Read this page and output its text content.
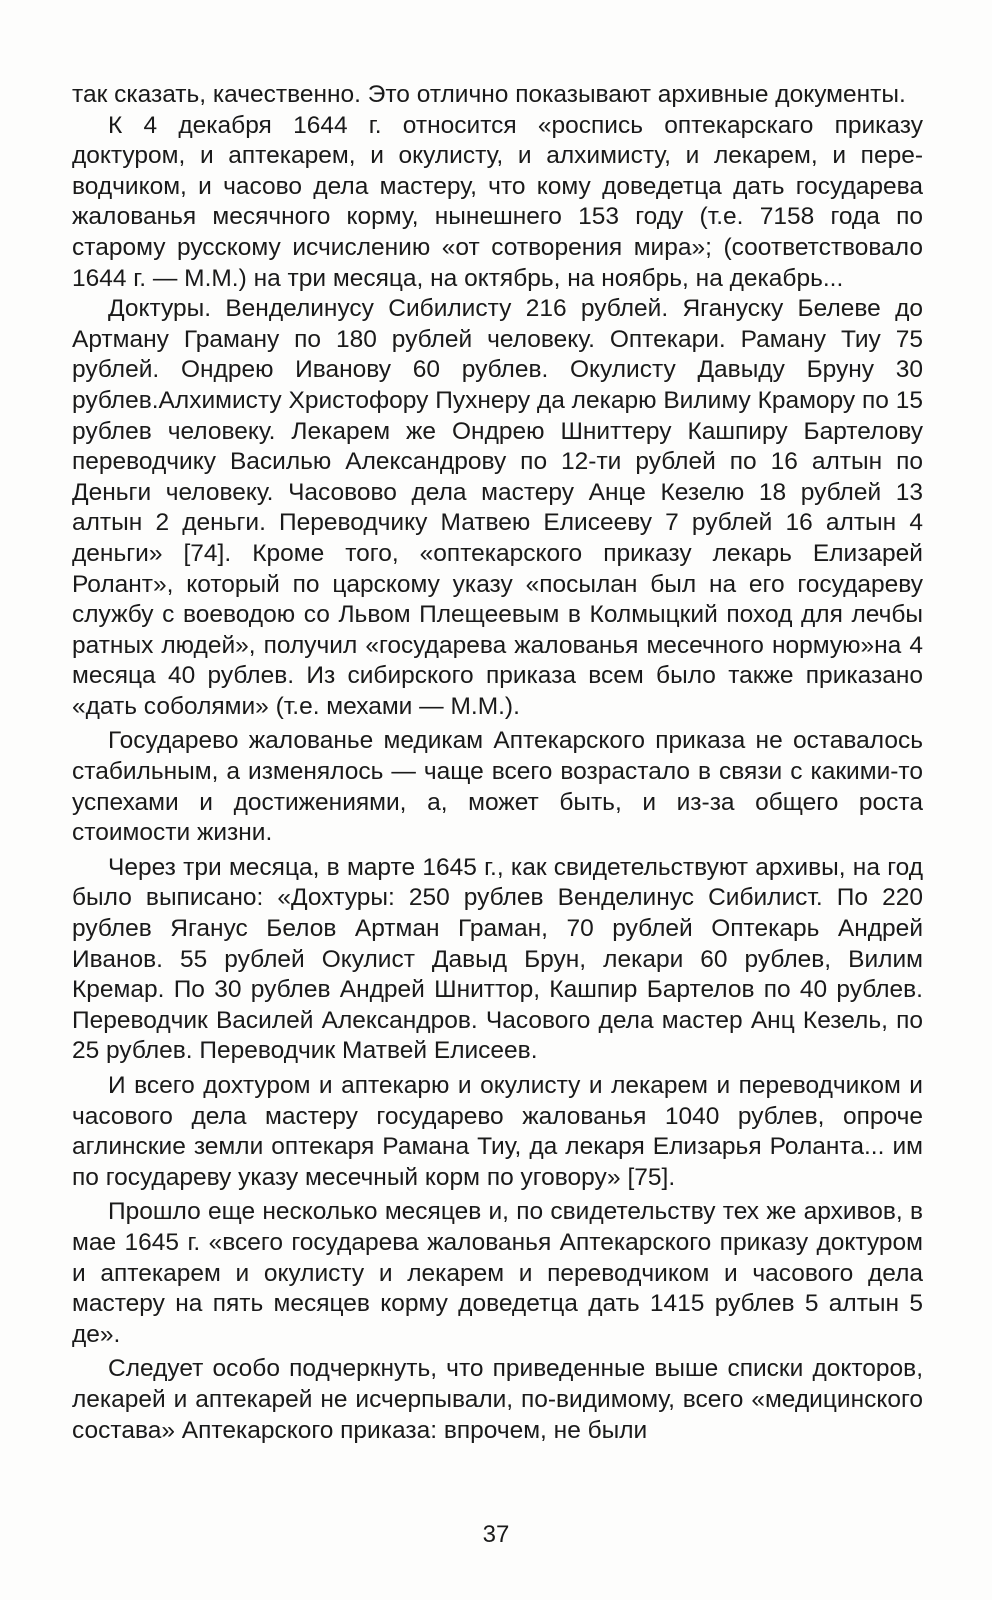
так сказать, качественно. Это отлично показывают архивные документы.

К 4 декабря 1644 г. относится «роспись оптекарскаго приказу доктуром, и аптекарем, и окулисту, и алхимисту, и лекарем, и переводчиком, и часово дела мастеру, что кому доведетца дать государева жалованья месячного корму, нынешнего 153 году (т.е. 7158 года по старому русскому исчислению «от сотворения мира»; (соответствовало 1644 г. — М.М.) на три месяца, на октябрь, на ноябрь, на декабрь...

Доктуры. Венделинусу Сибилисту 216 рублей. Ягануску Белеве до Артману Граману по 180 рублей человеку. Оптекари. Раману Тиу 75 рублей. Ондрею Иванову 60 рублев. Окулисту Давыду Бруну 30 рублев.Алхимисту Христофору Пухнеру да лекарю Вилиму Крамору по 15 рублев человеку. Лекарем же Ондрею Шниттеру Кашпиру Бартелову переводчику Василью Александрову по 12-ти рублей по 16 алтын по Деньги человеку. Часовово дела мастеру Анце Кезелю 18 рублей 13 алтын 2 деньги. Переводчику Матвею Елисееву 7 рублей 16 алтын 4 деньги» [74]. Кроме того, «оптекарского приказу лекарь Елизарей Ролант», который по царскому указу «посылан был на его государеву службу с воеводою со Львом Плещеевым в Колмыцкий поход для лечбы ратных людей», получил «государева жалованья месечного нормую»на 4 месяца 40 рублев. Из сибирского приказа всем было также приказано «дать соболями» (т.е. мехами — М.М.).

Государево жалованье медикам Аптекарского приказа не оставалось стабильным, а изменялось — чаще всего возрастало в связи с какими-то успехами и достижениями, а, может быть, и из-за общего роста стоимости жизни.

Через три месяца, в марте 1645 г., как свидетельствуют архивы, на год было выписано: «Дохтуры: 250 рублев Венделинус Сибилист. По 220 рублев Яганус Белов Артман Граман, 70 рублей Оптекарь Андрей Иванов. 55 рублей Окулист Давыд Брун, лекари 60 рублев, Вилим Кремар. По 30 рублев Андрей Шниттор, Кашпир Бартелов по 40 рублев. Переводчик Василей Александров. Часового дела мастер Анц Кезель, по 25 рублев. Переводчик Матвей Елисеев.

И всего дохтуром и аптекарю и окулисту и лекарем и переводчиком и часового дела мастеру государево жалованья 1040 рублев, опроче аглинские земли оптекаря Рамана Тиу, да лекаря Елизарья Роланта... им по государеву указу месечный корм по уговору» [75].

Прошло еще несколько месяцев и, по свидетельству тех же архивов, в мае 1645 г. «всего государева жалованья Аптекарского приказу доктуром и аптекарем и окулисту и лекарем и переводчиком и часового дела мастеру на пять месяцев корму доведетца дать 1415 рублев 5 алтын 5 де».

Следует особо подчеркнуть, что приведенные выше списки докторов, лекарей и аптекарей не исчерпывали, по-видимому, всего «медицинского состава» Аптекарского приказа: впрочем, не были

37
